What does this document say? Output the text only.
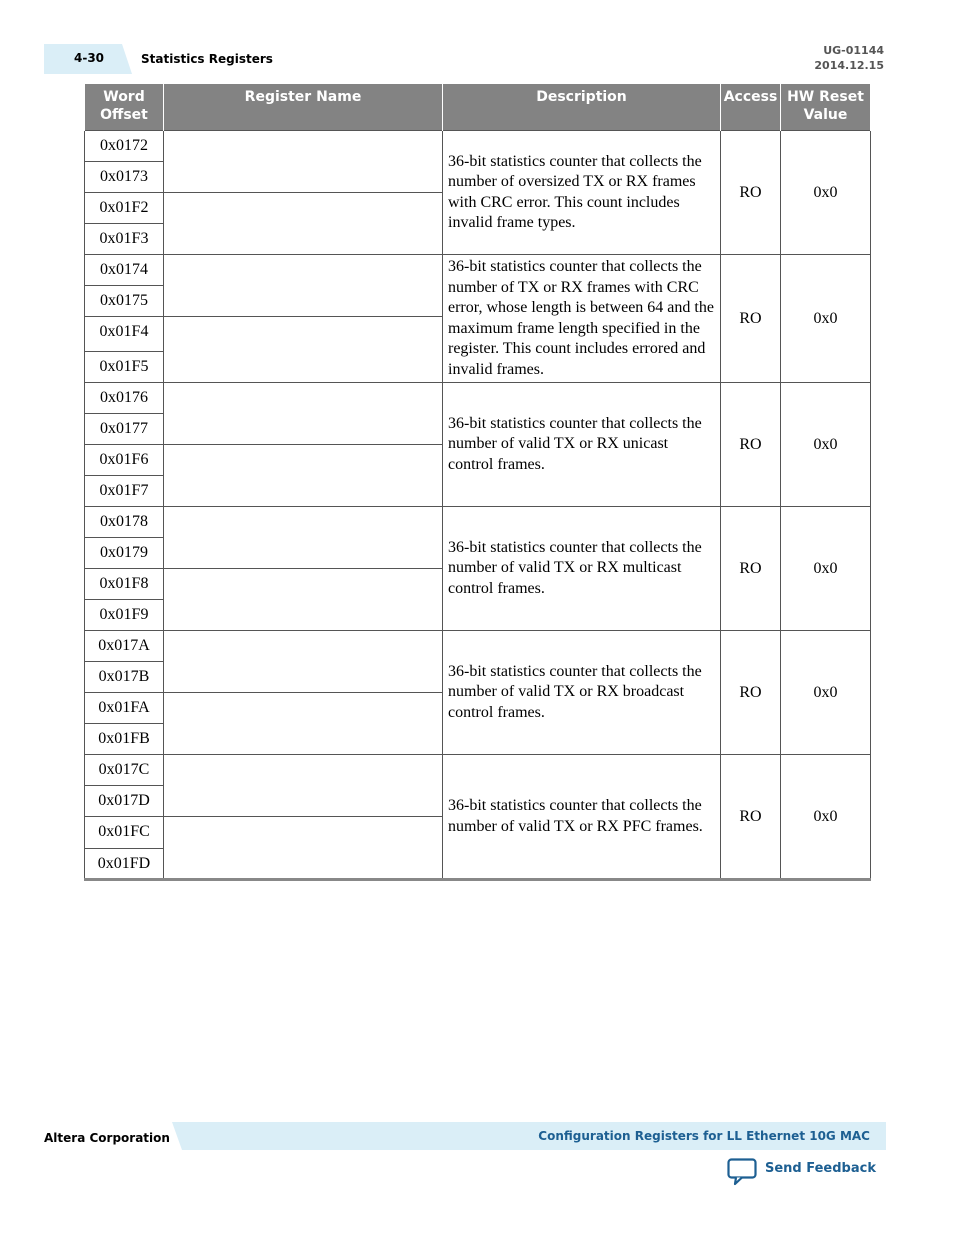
4-30	Statistics Registers
UG-01144
2014.12.15
Word Offset	Register Name	Description	Access	HW Reset Value
0x0172		36-bit statistics counter that collects the number of oversized TX or RX frames with CRC error. This count includes invalid frame types.	RO	0x0
0x0173				
0x01F2				
0x01F3				
0x0174		36-bit statistics counter that collects the number of TX or RX frames with CRC error, whose length is between 64 and the maximum frame length specified in the register. This count includes errored and invalid frames.	RO	0x0
0x0175				
0x01F4				
0x01F5				
0x0176		36-bit statistics counter that collects the number of valid TX or RX unicast control frames.	RO	0x0
0x0177				
0x01F6				
0x01F7				
0x0178		36-bit statistics counter that collects the number of valid TX or RX multicast control frames.	RO	0x0
0x0179				
0x01F8				
0x01F9				
0x017A		36-bit statistics counter that collects the number of valid TX or RX broadcast control frames.	RO	0x0
0x017B				
0x01FA				
0x01FB				
0x017C		36-bit statistics counter that collects the number of valid TX or RX PFC frames.	RO	0x0
0x017D				
0x01FC				
0x01FD				
Altera Corporation	Configuration Registers for LL Ethernet 10G MAC
Send Feedback
